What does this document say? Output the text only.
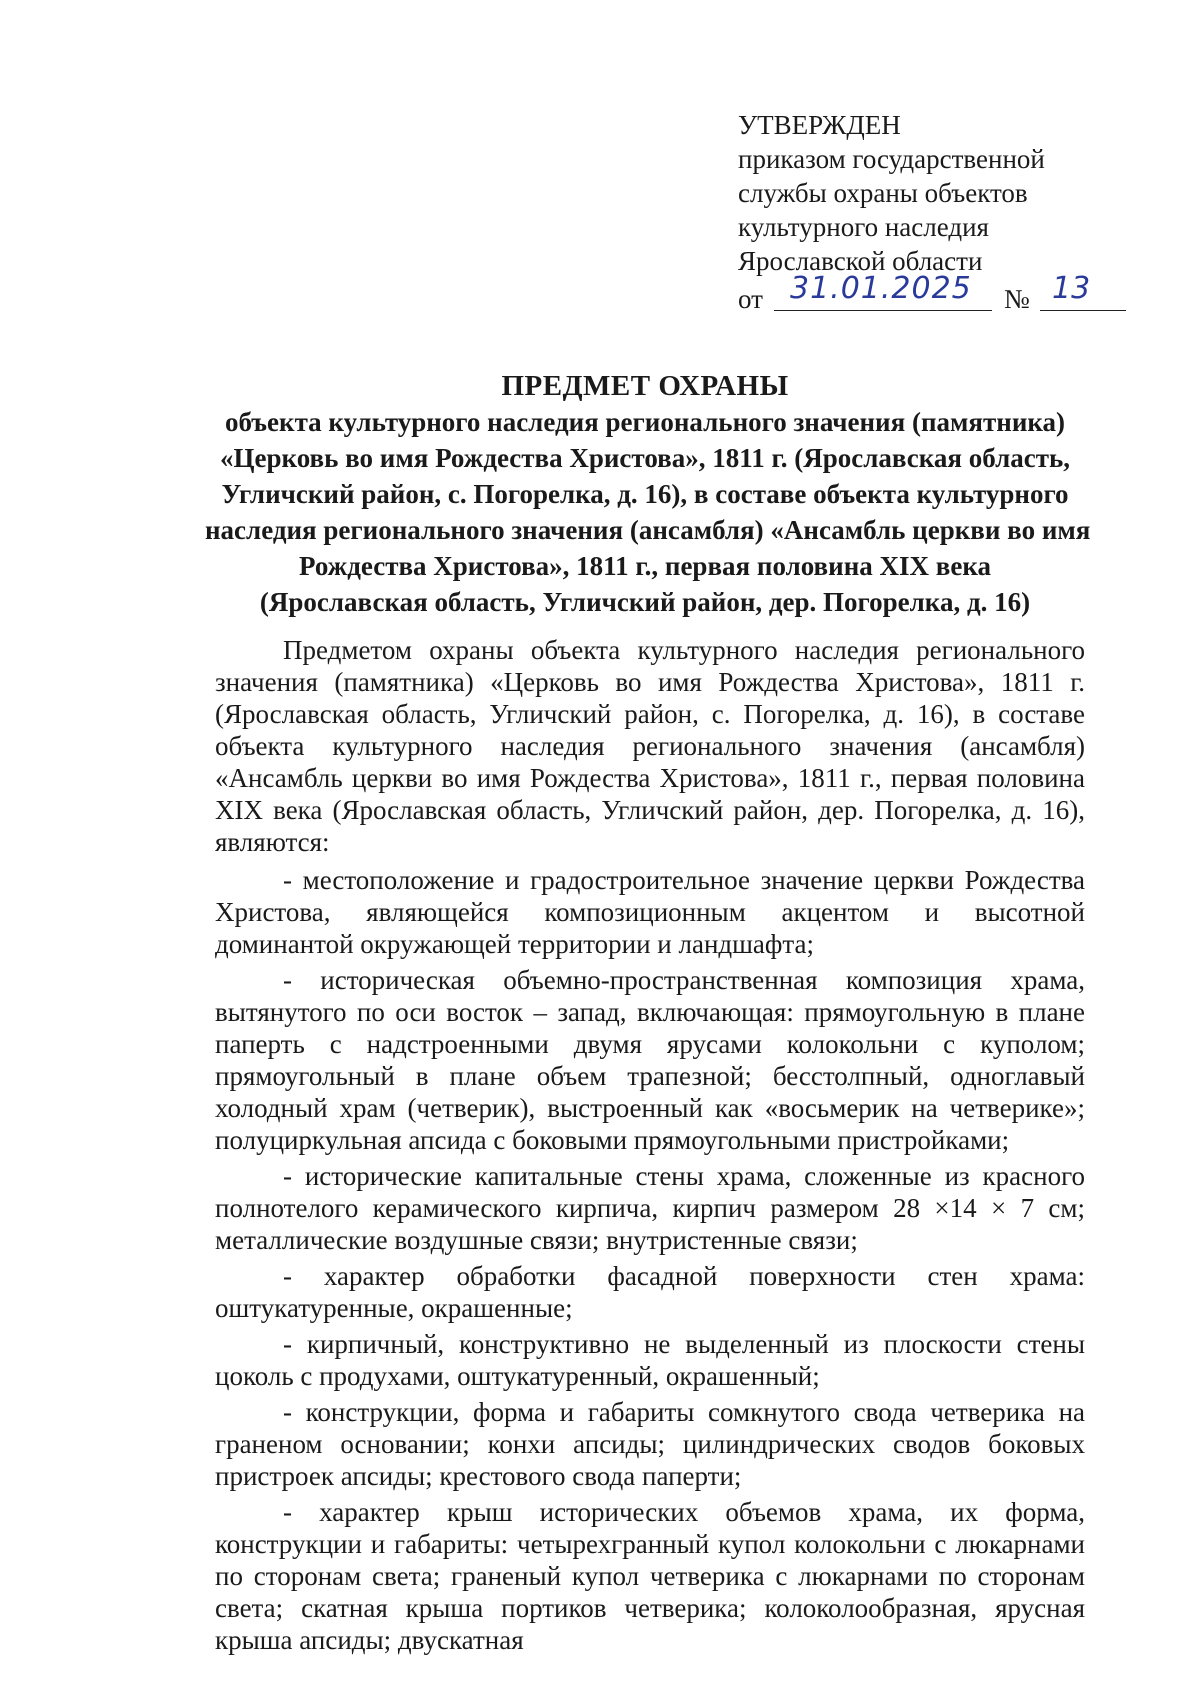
УТВЕРЖДЕН
приказом государственной
службы охраны объектов
культурного наследия
Ярославской области
от 31.01.2025 № 13
ПРЕДМЕТ ОХРАНЫ
объекта культурного наследия регионального значения (памятника)
«Церковь во имя Рождества Христова», 1811 г. (Ярославская область,
Угличский район, с. Погорелка, д. 16), в составе объекта культурного
наследия регионального значения (ансамбля) «Ансамбль церкви во имя
Рождества Христова», 1811 г., первая половина XIX века
(Ярославская область, Угличский район, дер. Погорелка, д. 16)

Предметом охраны объекта культурного наследия регионального значения (памятника) «Церковь во имя Рождества Христова», 1811 г. (Ярославская область, Угличский район, с. Погорелка, д. 16), в составе объекта культурного наследия регионального значения (ансамбля) «Ансамбль церкви во имя Рождества Христова», 1811 г., первая половина XIX века (Ярославская область, Угличский район, дер. Погорелка, д. 16), являются:

- местоположение и градостроительное значение церкви Рождества Христова, являющейся композиционным акцентом и высотной доминантой окружающей территории и ландшафта;

- историческая объемно-пространственная композиция храма, вытянутого по оси восток – запад, включающая: прямоугольную в плане паперть с надстроенными двумя ярусами колокольни с куполом; прямоугольный в плане объем трапезной; бесстолпный, одноглавый холодный храм (четверик), выстроенный как «восьмерик на четверике»; полуциркульная апсида с боковыми прямоугольными пристройками;

- исторические капитальные стены храма, сложенные из красного полнотелого керамического кирпича, кирпич размером 28 ×14 × 7 см; металлические воздушные связи; внутристенные связи;

- характер обработки фасадной поверхности стен храма: оштукатуренные, окрашенные;

- кирпичный, конструктивно не выделенный из плоскости стены цоколь с продухами, оштукатуренный, окрашенный;

- конструкции, форма и габариты сомкнутого свода четверика на граненом основании; конхи апсиды; цилиндрических сводов боковых пристроек апсиды; крестового свода паперти;

- характер крыш исторических объемов храма, их форма, конструкции и габариты: четырехгранный купол колокольни с люкарнами по сторонам света; граненый купол четверика с люкарнами по сторонам света; скатная крыша портиков четверика; колоколообразная, ярусная крыша апсиды; двускатная
